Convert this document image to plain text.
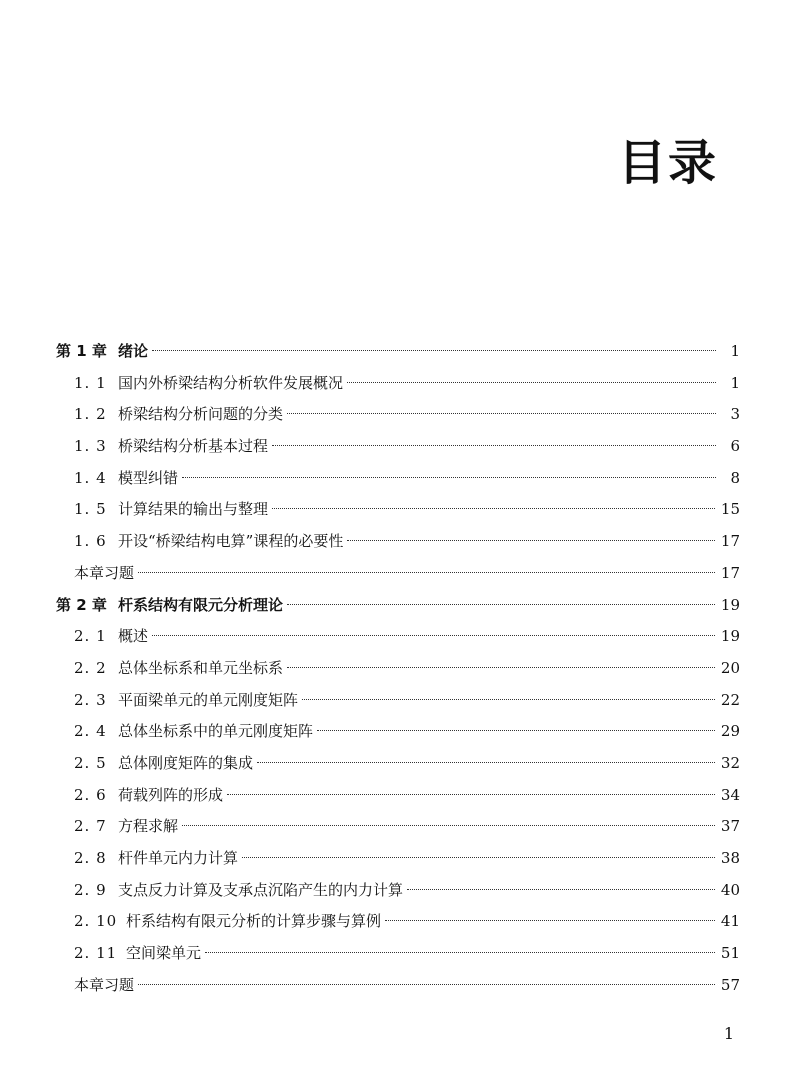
目录
第 1 章 绪论	1
1. 1 国内外桥梁结构分析软件发展概况	1
1. 2 桥梁结构分析问题的分类	3
1. 3 桥梁结构分析基本过程	6
1. 4 模型纠错	8
1. 5 计算结果的输出与整理	15
1. 6 开设“桥梁结构电算”课程的必要性	17
本章习题	17
第 2 章 杆系结构有限元分析理论	19
2. 1 概述	19
2. 2 总体坐标系和单元坐标系	20
2. 3 平面梁单元的单元刚度矩阵	22
2. 4 总体坐标系中的单元刚度矩阵	29
2. 5 总体刚度矩阵的集成	32
2. 6 荷载列阵的形成	34
2. 7 方程求解	37
2. 8 杆件单元内力计算	38
2. 9 支点反力计算及支承点沉陷产生的内力计算	40
2. 10 杆系结构有限元分析的计算步骤与算例	41
2. 11 空间梁单元	51
本章习题	57

1
